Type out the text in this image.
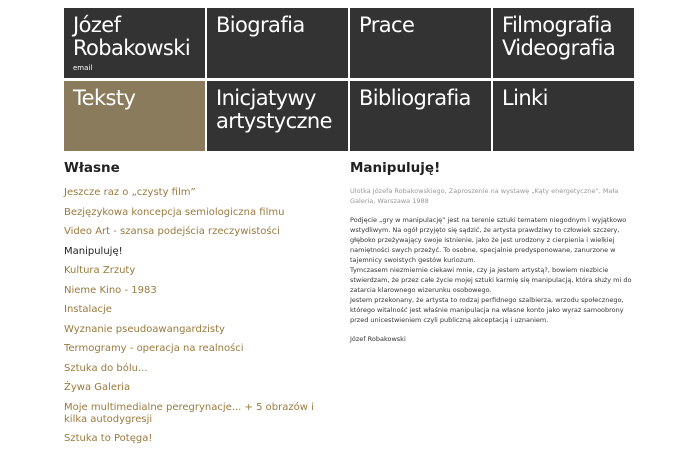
Józef
Robakowski
email
Biografia	Prace	Filmografia
Videografia
Teksty	Inicjatywy
artystyczne
Bibliografia	Linki
Własne
Jeszcze raz o „czysty film”
Bezjęzykowa koncepcja semiologiczna filmu
Video Art - szansa podejścia rzeczywistości
Manipuluję!
Kultura Zrzuty
Nieme Kino - 1983
Instalacje
Wyznanie pseudoawangardzisty
Termogramy - operacja na realności
Sztuka do bólu...
Żywa Galeria
Moje multimedialne peregrynacje... + 5 obrazów i kilka autodygresji
Sztuka to Potęga!
Manipuluję!
Ulotka Józefa Robakowskiego, Zaproszenie na wystawę „Kąty energetyczne”, Mała Galeria, Warszawa 1988

Podjęcie „gry w manipulację” jest na terenie sztuki tematem niegodnym i wyjątkowo wstydliwym. Na ogół przyjęto się sądzić, że artysta prawdziwy to człowiek szczery, głęboko przeżywający swoje istnienie, jako że jest urodzony z cierpienia i wielkiej namiętności swych przeżyć. To osobne, specjalnie predysponowane, zanurzone w tajemnicy swoistych gestów kuriozum.

Tymczasem niezmiernie ciekawi mnie, czy ja jestem artystą?, bowiem niezbicie stwierdzam, że przez całe życie mojej sztuki karmię się manipulacją, która służy mi do zatarcia klarownego wizerunku osobowego.

Jestem przekonany, że artysta to rodzaj perfidnego szalbierza, wrzodu społecznego, którego witalność jest właśnie manipulacja na własne konto jako wyraz samoobrony przed unicestwieniem czyli publiczną akceptacją i uznaniem.

Józef Robakowski
